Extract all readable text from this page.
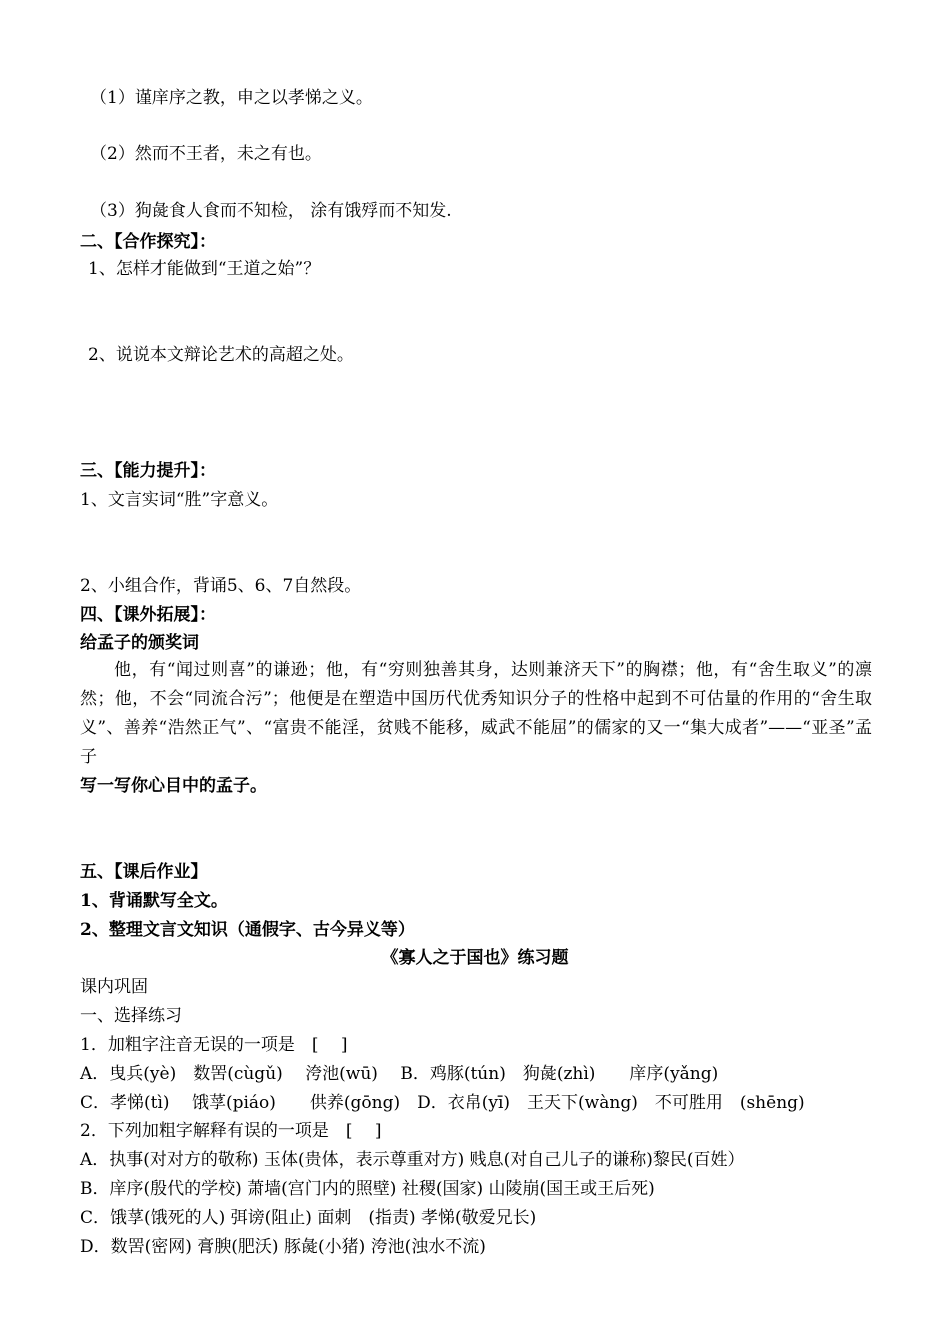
（1）谨庠序之教，申之以孝悌之义。
（2）然而不王者，未之有也。
（3）狗彘食人食而不知检， 涂有饿殍而不知发.
二、【合作探究】：
1、怎样才能做到“王道之始”？
2、说说本文辩论艺术的高超之处。
三、【能力提升】：
1、文言实词“胜”字意义。
2、小组合作，背诵5、6、7自然段。
四、【课外拓展】：
给孟子的颁奖词
他，有“闻过则喜”的谦逊；他，有“穷则独善其身，达则兼济天下”的胸襟；他，有“舍生取义”的凛然；他，不会“同流合污”；他便是在塑造中国历代优秀知识分子的性格中起到不可估量的作用的“舍生取义”、善养“浩然正气”、“富贵不能淫，贫贱不能移，威武不能屈”的儒家的又一“集大成者”——“亚圣”孟子
写一写你心目中的孟子。
五、【课后作业】
1、背诵默写全文。
2、整理文言文知识（通假字、古今异义等）
《寡人之于国也》练习题
课内巩固
一、选择练习
1．加粗字注音无误的一项是　[　 ]
A．曳兵(yè)　数罟(cùgǔ)　 洿池(wū)　 B．鸡豚(tún)　狗彘(zhì)　　庠序(yǎng)
C．孝悌(tì)　 饿莩(piáo)　　供养(gōng)　D．衣帛(yī)　王天下(wàng)　不可胜用　(shēng)
2．下列加粗字解释有误的一项是　[　 ]
A．执事(对对方的敬称) 玉体(贵体，表示尊重对方) 贱息(对自己儿子的谦称)黎民(百姓）
B．庠序(殷代的学校) 萧墙(宫门内的照壁) 社稷(国家) 山陵崩(国王或王后死)
C．饿莩(饿死的人) 弭谤(阻止) 面刺　(指责) 孝悌(敬爱兄长)
D．数罟(密网) 膏腴(肥沃) 豚彘(小猪) 洿池(浊水不流)
